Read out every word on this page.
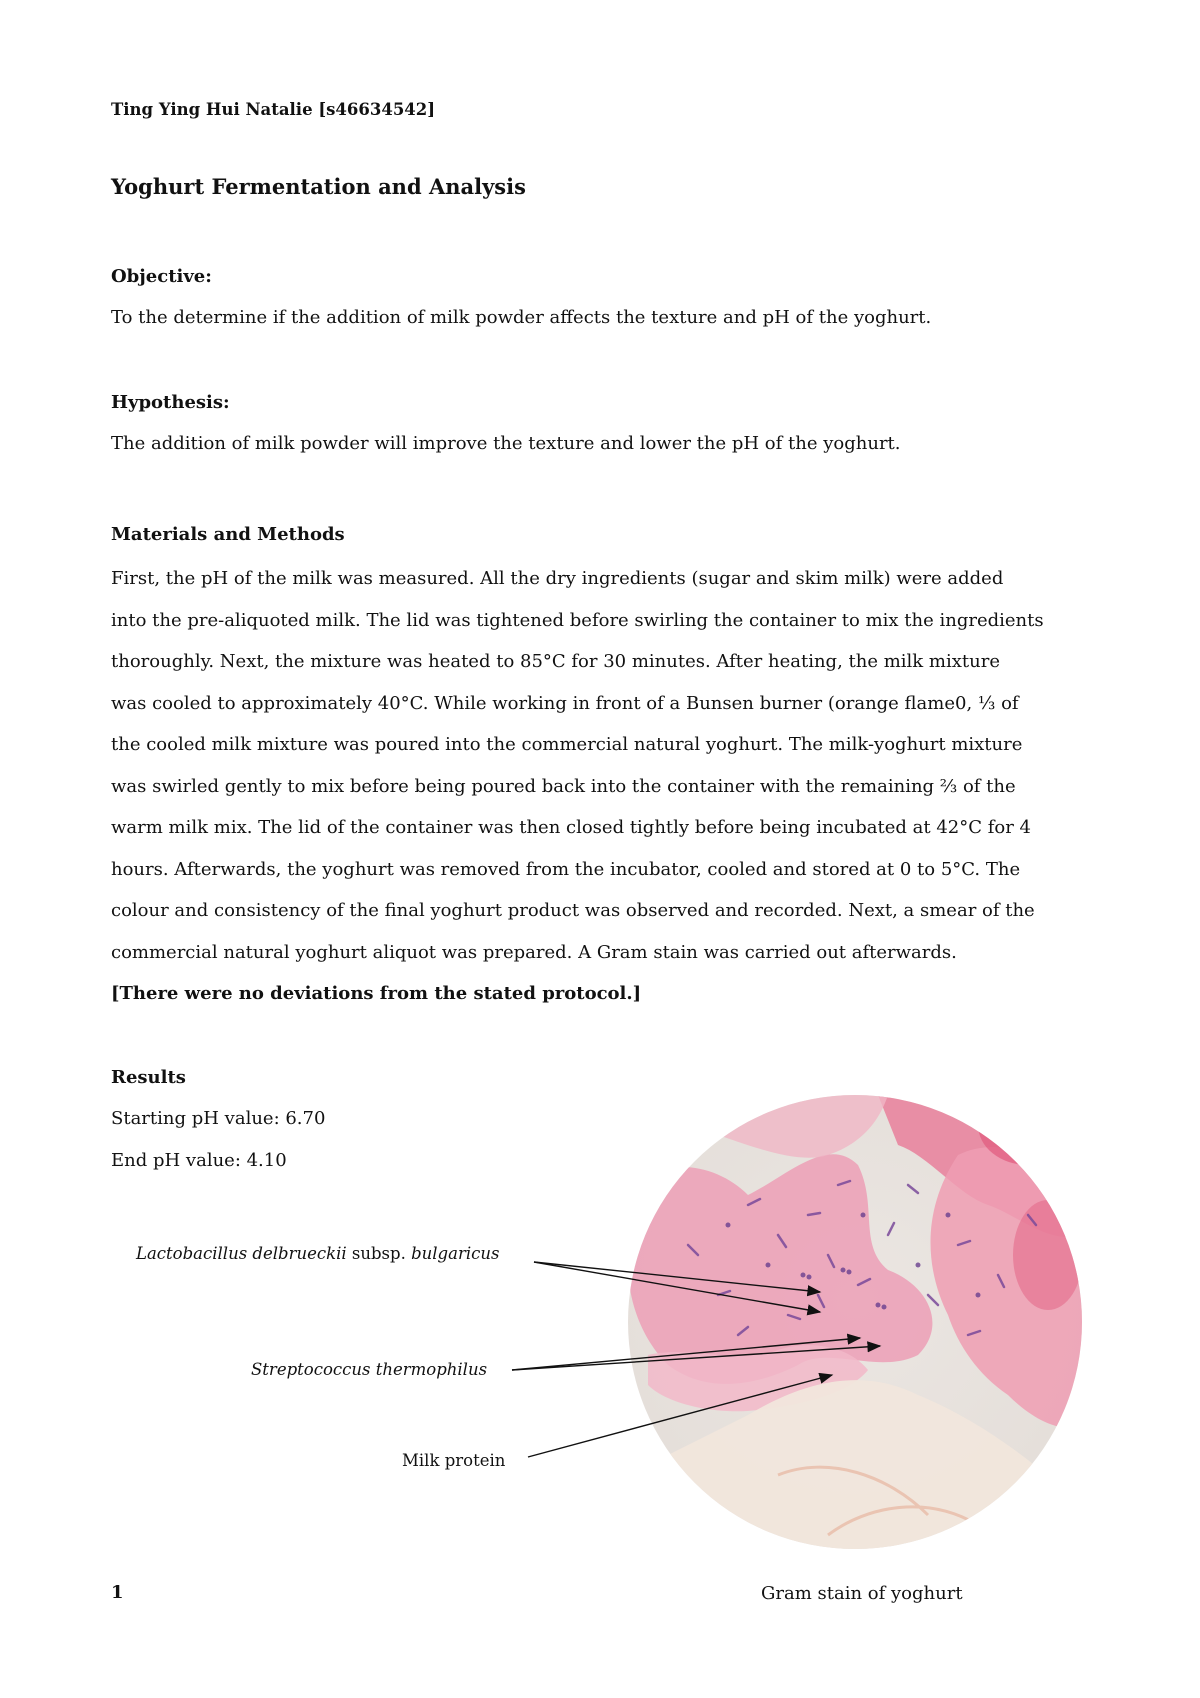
Ting Ying Hui Natalie [s46634542]
Yoghurt Fermentation and Analysis
Objective:
To the determine if the addition of milk powder affects the texture and pH of the yoghurt.
Hypothesis:
The addition of milk powder will improve the texture and lower the pH of the yoghurt.
Materials and Methods
First, the pH of the milk was measured. All the dry ingredients (sugar and skim milk) were added
into the pre-aliquoted milk. The lid was tightened before swirling the container to mix the ingredients
thoroughly. Next, the mixture was heated to 85°C for 30 minutes. After heating, the milk mixture
was cooled to approximately 40°C. While working in front of a Bunsen burner (orange flame0, ⅓ of
the cooled milk mixture was poured into the commercial natural yoghurt. The milk-yoghurt mixture
was swirled gently to mix before being poured back into the container with the remaining ⅔ of the
warm milk mix. The lid of the container was then closed tightly before being incubated at 42°C for 4
hours. Afterwards, the yoghurt was removed from the incubator, cooled and stored at 0 to 5°C. The
colour and consistency of the final yoghurt product was observed and recorded. Next, a smear of the
commercial natural yoghurt aliquot was prepared. A Gram stain was carried out afterwards.
[There were no deviations from the stated protocol.]
Results
Starting pH value: 6.70
End pH value: 4.10
Lactobacillus delbrueckii subsp. bulgaricus
Streptococcus thermophilus
Milk protein
1	Gram stain of yoghurt
